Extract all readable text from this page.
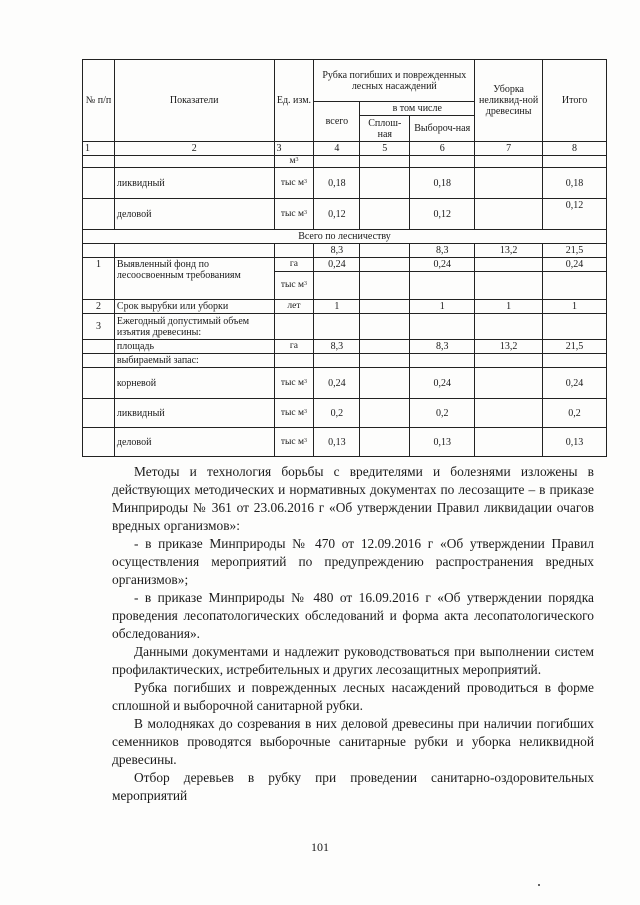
№ п/п	Показатели	Ед. изм.	Рубка погибших и поврежденных лесных насаждений			Уборка неликвид-ной древесины	Итого
			всего	в том числе			
				Сплош-ная	Выбороч-ная		
1	2	3	4	5	6	7	8
		$м^3$					
	ликвидный	тыс $м^3$	0,18		0,18		0,18
	деловой	тыс $м^3$	0,12		0,12		0,12
Всего по лесничеству							
			8,3		8,3	13,2	21,5
1	Выявленный фонд по лесоосвоенным требованиям	га	0,24		0,24		0,24
		тыс $м^3$					
2	Срок вырубки или уборки	лет	1		1	1	1
3	Ежегодный допустимый объем изъятия древесины:						
	площадь	га	8,3		8,3	13,2	21,5
	выбираемый запас:						
	корневой	тыс $м^3$	0,24		0,24		0,24
	ликвидный	тыс $м^3$	0,2		0,2		0,2
	деловой	тыс $м^3$	0,13		0,13		0,13

Методы и технология борьбы с вредителями и болезнями изложены в действующих методических и нормативных документах по лесозащите – в приказе Минприроды № 361 от 23.06.2016 г «Об утверждении Правил ликвидации очагов вредных организмов»:

- в приказе Минприроды № 470 от 12.09.2016 г «Об утверждении Правил осуществления мероприятий по предупреждению распространения вредных организмов»;

- в приказе Минприроды № 480 от 16.09.2016 г «Об утверждении порядка проведения лесопатологических обследований и форма акта лесопатологического обследования».

Данными документами и надлежит руководствоваться при выполнении систем профилактических, истребительных и других лесозащитных мероприятий.

Рубка погибших и поврежденных лесных насаждений проводиться в форме сплошной и выборочной санитарной рубки.

В молодняках до созревания в них деловой древесины при наличии погибших семенников проводятся выборочные санитарные рубки и уборка неликвидной древесины.

Отбор деревьев в рубку при проведении санитарно-оздоровительных мероприятий

101
